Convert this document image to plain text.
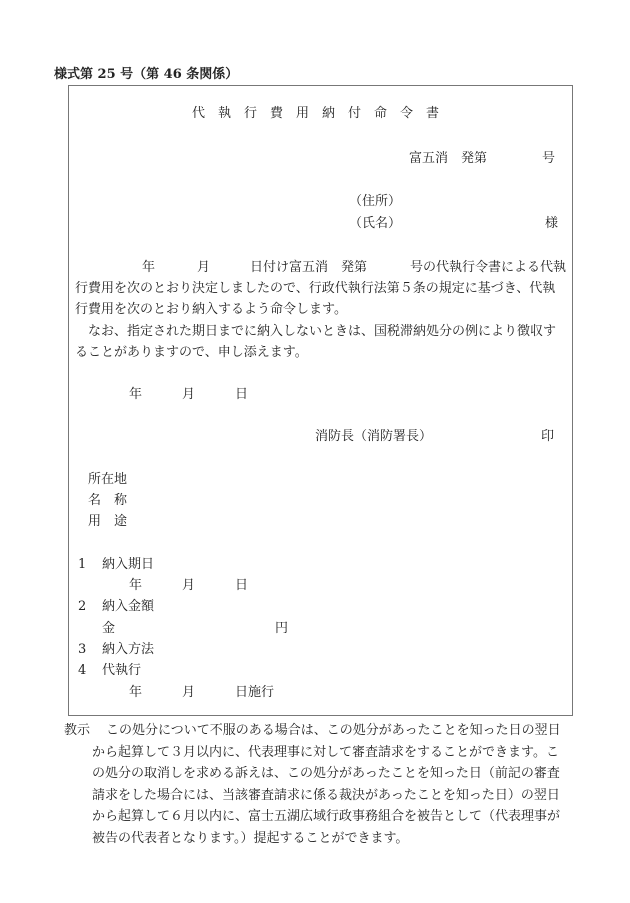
様式第 25 号（第 46 条関係）
代執行費用納付命令書
富五消　発第	号
（住所）
（氏名）	様
年	月	日付け富五消　発第	号の代執行令書による代執
行費用を次のとおり決定しましたので、行政代執行法第５条の規定に基づき、代執
行費用を次のとおり納入するよう命令します。
なお、指定された期日までに納入しないときは、国税滞納処分の例により徴収す
ることがありますので、申し添えます。
年	月	日
消防長（消防署長）	印
所在地
名　称
用　途
1 納入期日
年	月	日
2 納入金額
金	円
3 納入方法
4 代執行
年	月	日施行
教示 この処分について不服のある場合は、この処分があったことを知った日の翌日
から起算して３月以内に、代表理事に対して審査請求をすることができます。こ
の処分の取消しを求める訴えは、この処分があったことを知った日（前記の審査
請求をした場合には、当該審査請求に係る裁決があったことを知った日）の翌日
から起算して６月以内に、富士五湖広域行政事務組合を被告として（代表理事が
被告の代表者となります。）提起することができます。
